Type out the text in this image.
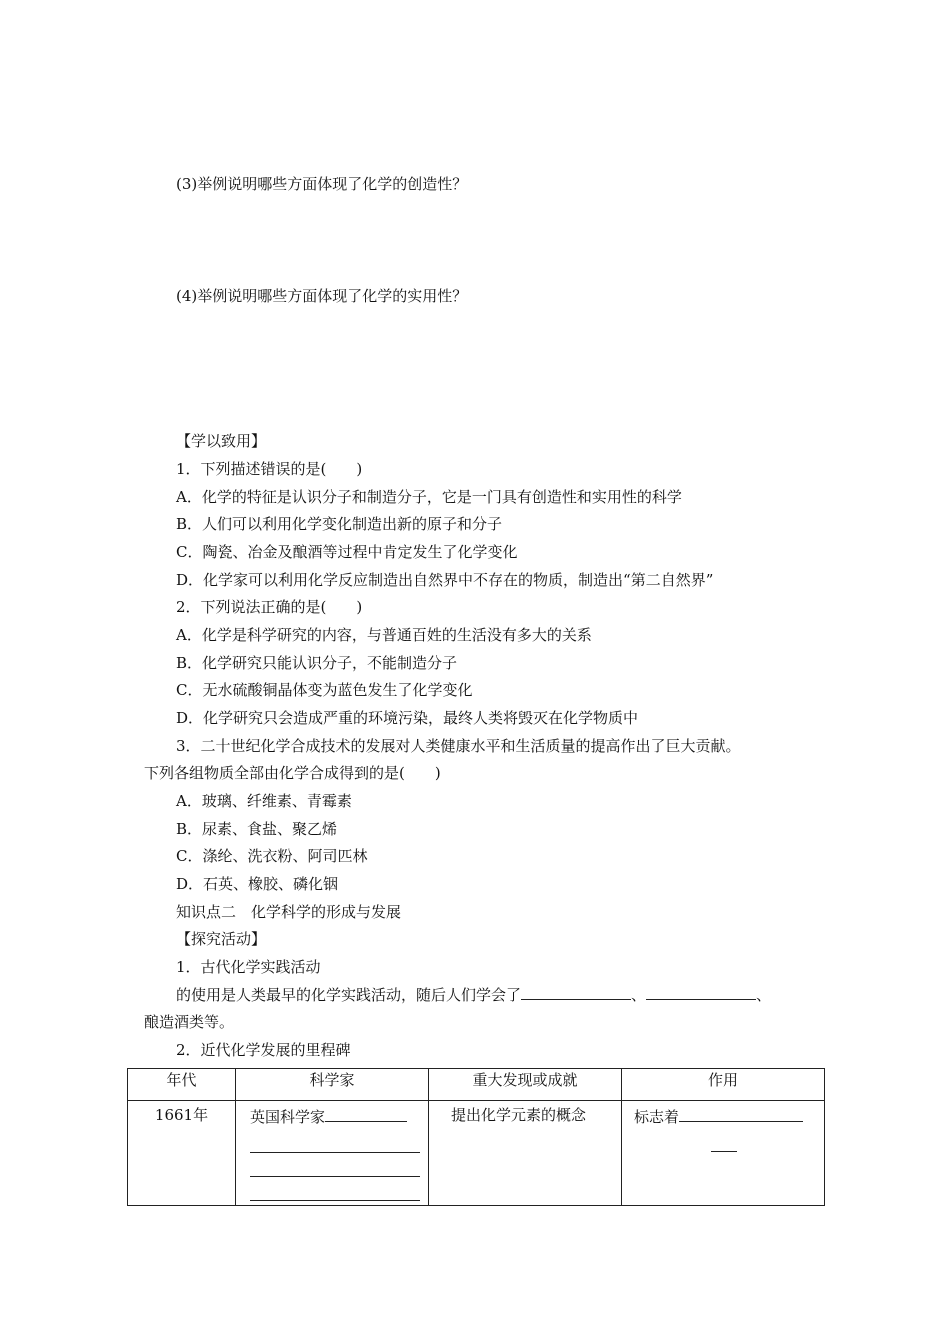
(3)举例说明哪些方面体现了化学的创造性？
(4)举例说明哪些方面体现了化学的实用性？
【学以致用】
1．下列描述错误的是(　　)
A．化学的特征是认识分子和制造分子，它是一门具有创造性和实用性的科学
B．人们可以利用化学变化制造出新的原子和分子
C．陶瓷、冶金及酿酒等过程中肯定发生了化学变化
D．化学家可以利用化学反应制造出自然界中不存在的物质，制造出“第二自然界”
2．下列说法正确的是(　　)
A．化学是科学研究的内容，与普通百姓的生活没有多大的关系
B．化学研究只能认识分子，不能制造分子
C．无水硫酸铜晶体变为蓝色发生了化学变化
D．化学研究只会造成严重的环境污染，最终人类将毁灭在化学物质中
3．二十世纪化学合成技术的发展对人类健康水平和生活质量的提高作出了巨大贡献。
下列各组物质全部由化学合成得到的是(　　)
A．玻璃、纤维素、青霉素
B．尿素、食盐、聚乙烯
C．涤纶、洗衣粉、阿司匹林
D．石英、橡胶、磷化铟
知识点二　化学科学的形成与发展
【探究活动】
1．古代化学实践活动
的使用是人类最早的化学实践活动，随后人们学会了	、	、
酿造酒类等。
2．近代化学发展的里程碑
年代	科学家	重大发现或成就	作用
1661年	英国科学家	提出化学元素的概念	标志着
